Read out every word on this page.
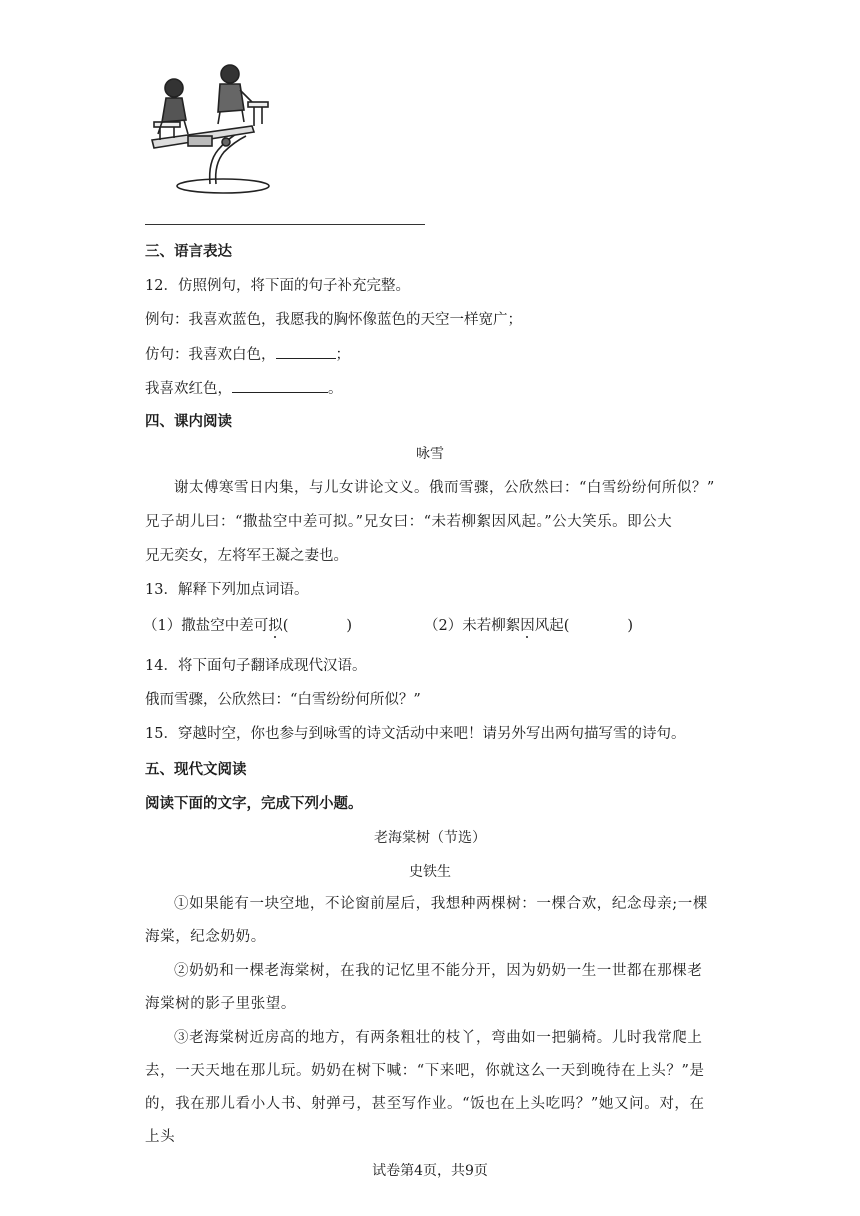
三、语言表达
12．仿照例句，将下面的句子补充完整。
例句：我喜欢蓝色，我愿我的胸怀像蓝色的天空一样宽广；
仿句：我喜欢白色，	；
我喜欢红色，	。
四、课内阅读
咏雪
谢太傅寒雪日内集，与儿女讲论文义。俄而雪骤，公欣然曰：“白雪纷纷何所似？”
兄子胡儿曰：“撒盐空中差可拟。”兄女曰：“未若柳絮因风起。”公大笑乐。即公大
兄无奕女，左将军王凝之妻也。
13．解释下列加点词语。
（1）撒盐空中差可拟(　　　　)	（2）未若柳絮因风起(　　　　)
14．将下面句子翻译成现代汉语。
俄而雪骤，公欣然曰：“白雪纷纷何所似？”
15．穿越时空，你也参与到咏雪的诗文活动中来吧！请另外写出两句描写雪的诗句。
五、现代文阅读
阅读下面的文字，完成下列小题。
老海棠树（节选）
史铁生
①如果能有一块空地，不论窗前屋后，我想种两棵树：一棵合欢，纪念母亲;一棵海棠，纪念奶奶。
②奶奶和一棵老海棠树，在我的记忆里不能分开，因为奶奶一生一世都在那棵老海棠树的影子里张望。
③老海棠树近房高的地方，有两条粗壮的枝丫，弯曲如一把躺椅。儿时我常爬上去，一天天地在那儿玩。奶奶在树下喊：“下来吧，你就这么一天到晚待在上头？”是的，我在那儿看小人书、射弹弓，甚至写作业。“饭也在上头吃吗？”她又问。对，在上头
试卷第4页，共9页
